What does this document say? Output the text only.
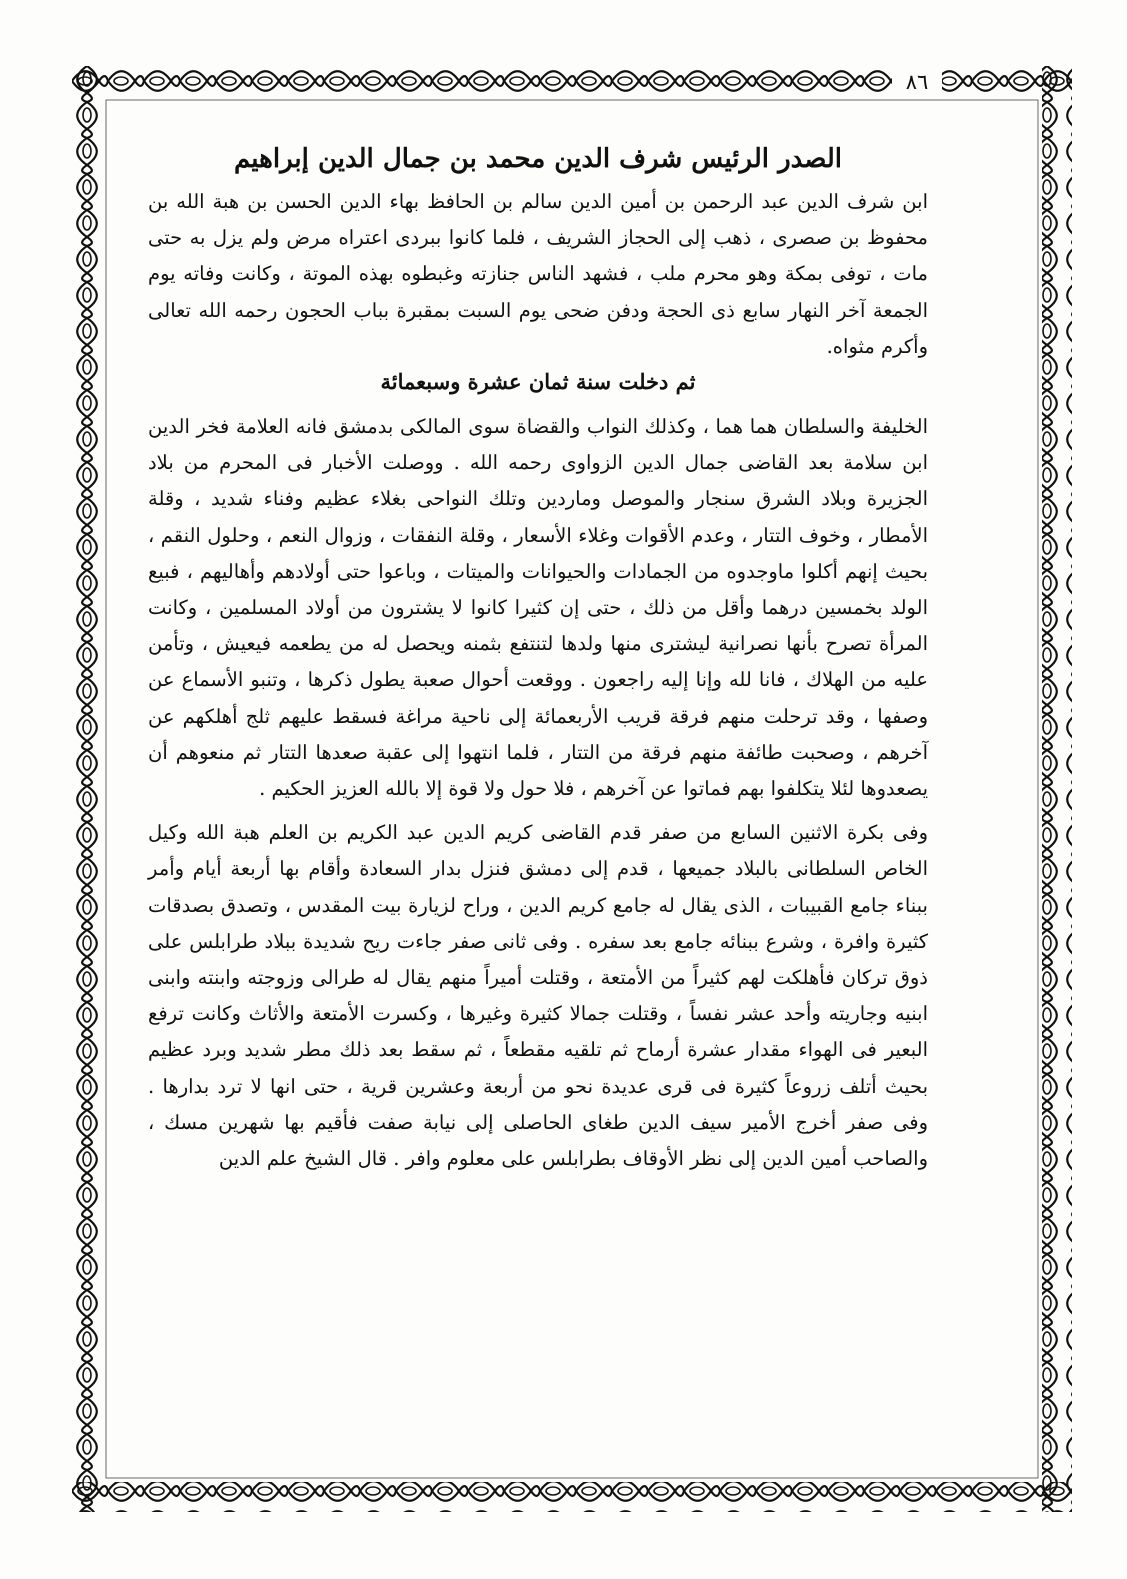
٨٦
الصدر الرئيس شرف الدين محمد بن جمال الدين إبراهيم

ابن شرف الدين عبد الرحمن بن أمين الدين سالم بن الحافظ بهاء الدين الحسن بن هبة الله بن محفوظ بن صصرى ، ذهب إلى الحجاز الشريف ، فلما كانوا ببردى اعتراه مرض ولم يزل به حتى مات ، توفى بمكة وهو محرم ملب ، فشهد الناس جنازته وغبطوه بهذه الموتة ، وكانت وفاته يوم الجمعة آخر النهار سابع ذى الحجة ودفن ضحى يوم السبت بمقبرة بباب الحجون رحمه الله تعالى وأكرم مثواه.

ثم دخلت سنة ثمان عشرة وسبعمائة

الخليفة والسلطان هما هما ، وكذلك النواب والقضاة سوى المالكى بدمشق فانه العلامة فخر الدين ابن سلامة بعد القاضى جمال الدين الزواوى رحمه الله . ووصلت الأخبار فى المحرم من بلاد الجزيرة وبلاد الشرق سنجار والموصل وماردين وتلك النواحى بغلاء عظيم وفناء شديد ، وقلة الأمطار ، وخوف التتار ، وعدم الأقوات وغلاء الأسعار ، وقلة النفقات ، وزوال النعم ، وحلول النقم ، بحيث إنهم أكلوا ماوجدوه من الجمادات والحيوانات والميتات ، وباعوا حتى أولادهم وأهاليهم ، فبيع الولد بخمسين درهما وأقل من ذلك ، حتى إن كثيرا كانوا لا يشترون من أولاد المسلمين ، وكانت المرأة تصرح بأنها نصرانية ليشترى منها ولدها لتنتفع بثمنه ويحصل له من يطعمه فيعيش ، وتأمن عليه من الهلاك ، فانا لله وإنا إليه راجعون . ووقعت أحوال صعبة يطول ذكرها ، وتنبو الأسماع عن وصفها ، وقد ترحلت منهم فرقة قريب الأربعمائة إلى ناحية مراغة فسقط عليهم ثلج أهلكهم عن آخرهم ، وصحبت طائفة منهم فرقة من التتار ، فلما انتهوا إلى عقبة صعدها التتار ثم منعوهم أن يصعدوها لئلا يتكلفوا بهم فماتوا عن آخرهم ، فلا حول ولا قوة إلا بالله العزيز الحكيم .

وفى بكرة الاثنين السابع من صفر قدم القاضى كريم الدين عبد الكريم بن العلم هبة الله وكيل الخاص السلطانى بالبلاد جميعها ، قدم إلى دمشق فنزل بدار السعادة وأقام بها أربعة أيام وأمر ببناء جامع القبيبات ، الذى يقال له جامع كريم الدين ، وراح لزيارة بيت المقدس ، وتصدق بصدقات كثيرة وافرة ، وشرع ببنائه جامع بعد سفره . وفى ثانى صفر جاءت ريح شديدة ببلاد طرابلس على ذوق تركان فأهلكت لهم كثيراً من الأمتعة ، وقتلت أميراً منهم يقال له طرالى وزوجته وابنته وابنى ابنيه وجاريته وأحد عشر نفساً ، وقتلت جمالا كثيرة وغيرها ، وكسرت الأمتعة والأثاث وكانت ترفع البعير فى الهواء مقدار عشرة أرماح ثم تلقيه مقطعاً ، ثم سقط بعد ذلك مطر شديد وبرد عظيم بحيث أتلف زروعاً كثيرة فى قرى عديدة نحو من أربعة وعشرين قرية ، حتى انها لا ترد بدارها . وفى صفر أخرج الأمير سيف الدين طغاى الحاصلى إلى نيابة صفت فأقيم بها شهرين مسك ، والصاحب أمين الدين إلى نظر الأوقاف بطرابلس على معلوم وافر . قال الشيخ علم الدين
